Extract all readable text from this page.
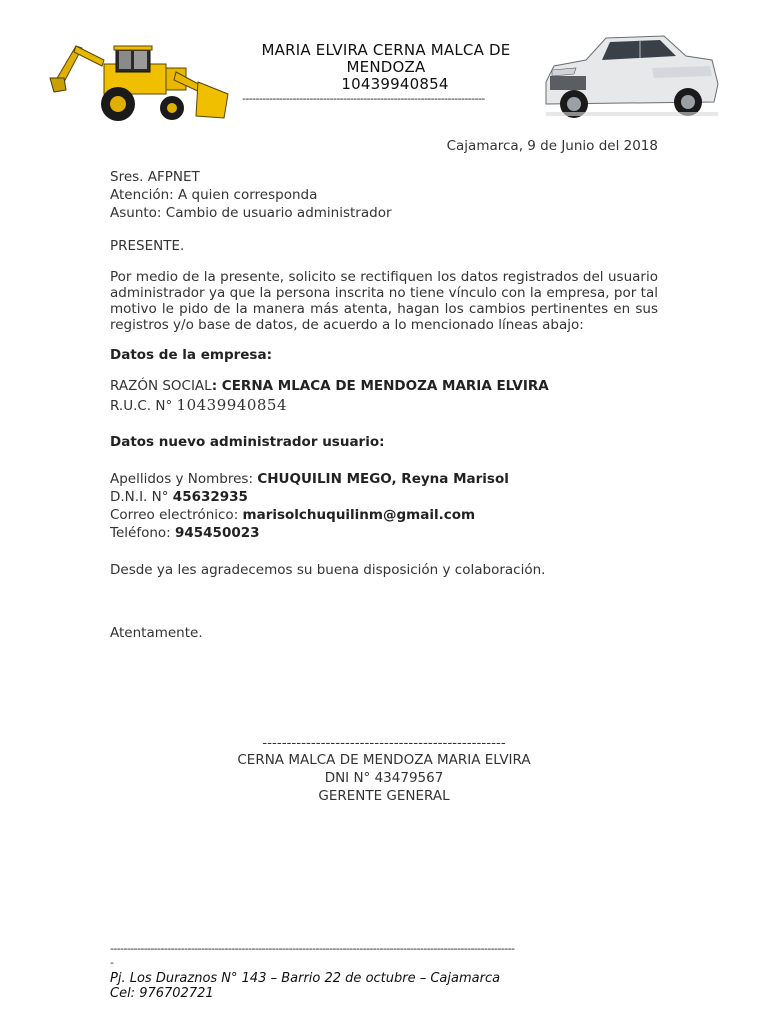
MARIA ELVIRA CERNA MALCA DE
MENDOZA
10439940854
------------------------------------------------------------------------
Cajamarca, 9 de Junio del 2018
Sres. AFPNET
Atención: A quien corresponda
Asunto: Cambio de usuario administrador
PRESENTE.
Por medio de la presente, solicito se rectifiquen los datos registrados del usuario administrador ya que la persona inscrita no tiene vínculo con la empresa, por tal motivo le pido de la manera más atenta, hagan los cambios pertinentes en sus registros y/o base de datos, de acuerdo a lo mencionado líneas abajo:
Datos de la empresa:
RAZÓN SOCIAL: CERNA MLACA DE MENDOZA MARIA ELVIRA
R.U.C. N° 10439940854
Datos nuevo administrador usuario:
Apellidos y Nombres: CHUQUILIN MEGO, Reyna Marisol
D.N.I. N° 45632935
Correo electrónico: marisolchuquilinm@gmail.com
Teléfono: 945450023
Desde ya les agradecemos su buena disposición y colaboración.
Atentamente.
--------------------------------------------------
CERNA MALCA DE MENDOZA MARIA ELVIRA
DNI N° 43479567
GERENTE GENERAL
------------------------------------------------------------------------------------------------------------------------
-
Pj. Los Duraznos N° 143 – Barrio 22 de octubre – Cajamarca
Cel: 976702721
